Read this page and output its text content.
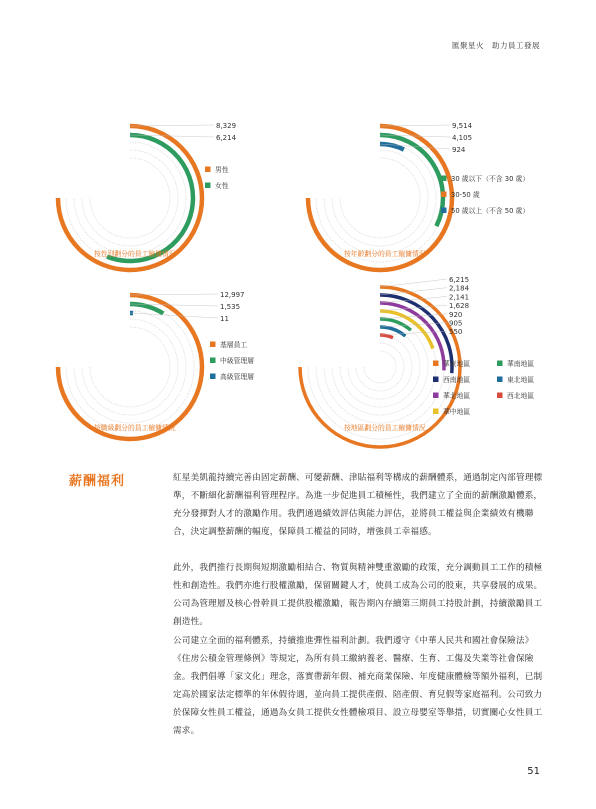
匯聚星火　助力員工發展
8,329
6,214
男性
女性
按性別劃分的員工僱傭情況
9,514
4,105
924
30 歲以下（不含 30 歲）
30-50 歲
50 歲以上（不含 50 歲）
按年齡劃分的員工僱傭情況
12,997
1,535
11
基層員工
中級管理層
高級管理層
按職級劃分的員工僱傭情況
6,215
2,184
2,141
1,628
920
905
550
華東地區
西南地區
華北地區
華中地區
華南地區
東北地區
西北地區
按地區劃分的員工僱傭情況
薪酬福利	紅星美凱龍持續完善由固定薪酬、可變薪酬、津貼福利等構成的薪酬體系，通過制定內部管理標準，不斷細化薪酬福利管理程序。為進一步促進員工積極性，我們建立了全面的薪酬激勵體系，充分發揮對人才的激勵作用。我們通過績效評估與能力評估，並將員工權益與企業績效有機聯合，決定調整薪酬的幅度，保障員工權益的同時，增強員工幸福感。
此外，我們推行長期與短期激勵相結合、物質與精神雙重激勵的政策，充分調動員工工作的積極性和創造性。我們亦進行股權激勵，保留關鍵人才，使員工成為公司的股東，共享發展的成果。公司為管理層及核心骨幹員工提供股權激勵，報告期內存續第三期員工持股計劃，持續激勵員工創造性。
公司建立全面的福利體系，持續推進彈性福利計劃。我們遵守《中華人民共和國社會保險法》《住房公積金管理條例》等規定，為所有員工繳納養老、醫療、生育、工傷及失業等社會保險金。我們倡導「家文化」理念，落實帶薪年假、補充商業保險、年度健康體檢等額外福利，已制定高於國家法定標準的年休假待遇，並向員工提供產假、陪產假、育兒假等家庭福利。公司致力於保障女性員工權益，通過為女員工提供女性體檢項目、設立母嬰室等舉措，切實關心女性員工需求。
51
